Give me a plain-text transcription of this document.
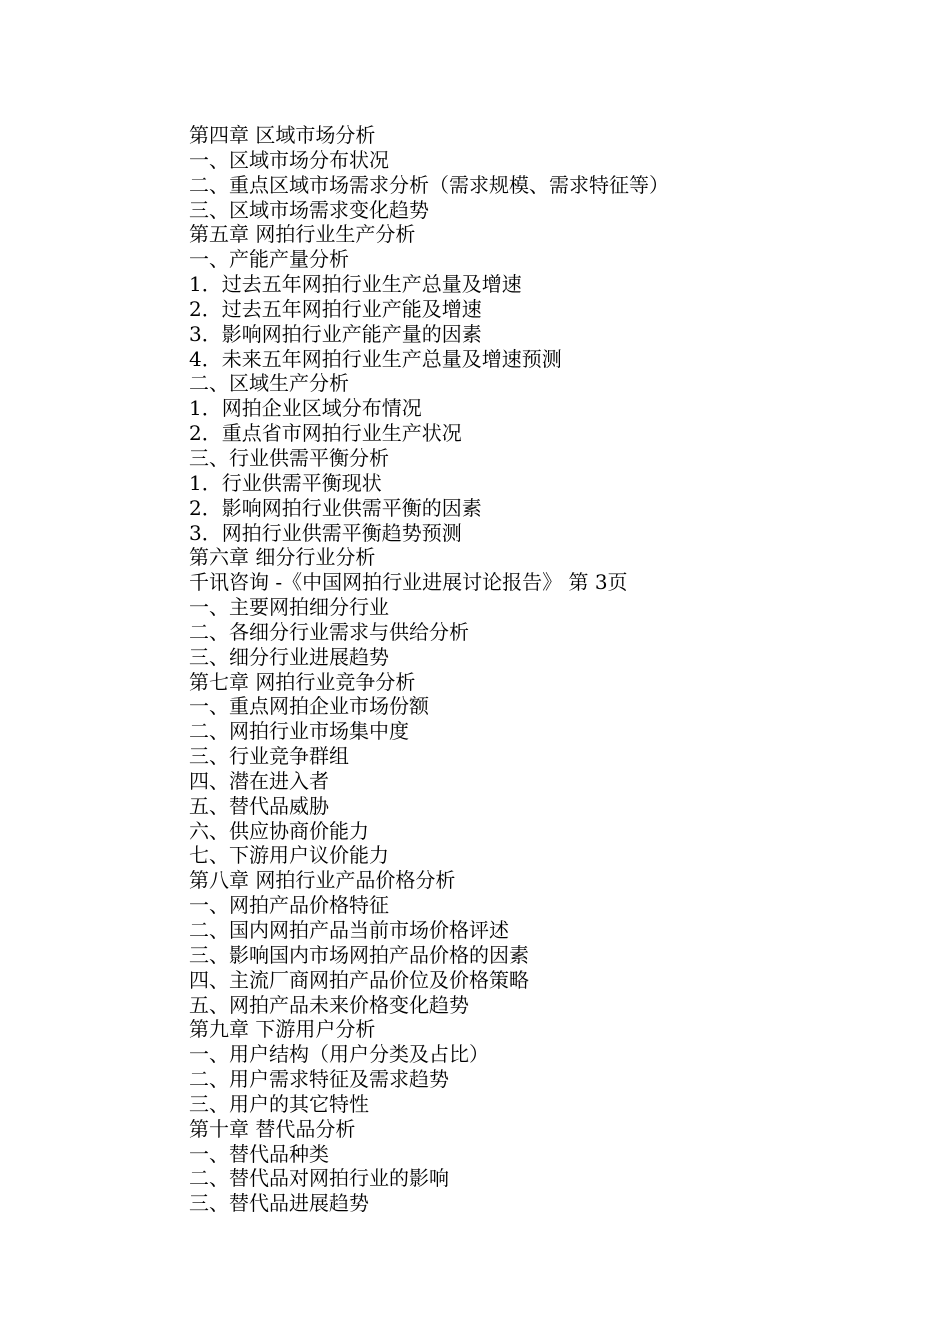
第四章 区域市场分析
一、区域市场分布状况
二、重点区域市场需求分析（需求规模、需求特征等）
三、区域市场需求变化趋势
第五章 网拍行业生产分析
一、产能产量分析
1．过去五年网拍行业生产总量及增速
2．过去五年网拍行业产能及增速
3．影响网拍行业产能产量的因素
4．未来五年网拍行业生产总量及增速预测
二、区域生产分析
1．网拍企业区域分布情况
2．重点省市网拍行业生产状况
三、行业供需平衡分析
1．行业供需平衡现状
2．影响网拍行业供需平衡的因素
3．网拍行业供需平衡趋势预测
第六章 细分行业分析
千讯咨询 -《中国网拍行业进展讨论报告》 第 3页
一、主要网拍细分行业
二、各细分行业需求与供给分析
三、细分行业进展趋势
第七章 网拍行业竞争分析
一、重点网拍企业市场份额
二、网拍行业市场集中度
三、行业竞争群组
四、潜在进入者
五、替代品威胁
六、供应协商价能力
七、下游用户议价能力
第八章 网拍行业产品价格分析
一、网拍产品价格特征
二、国内网拍产品当前市场价格评述
三、影响国内市场网拍产品价格的因素
四、主流厂商网拍产品价位及价格策略
五、网拍产品未来价格变化趋势
第九章 下游用户分析
一、用户结构（用户分类及占比）
二、用户需求特征及需求趋势
三、用户的其它特性
第十章 替代品分析
一、替代品种类
二、替代品对网拍行业的影响
三、替代品进展趋势
